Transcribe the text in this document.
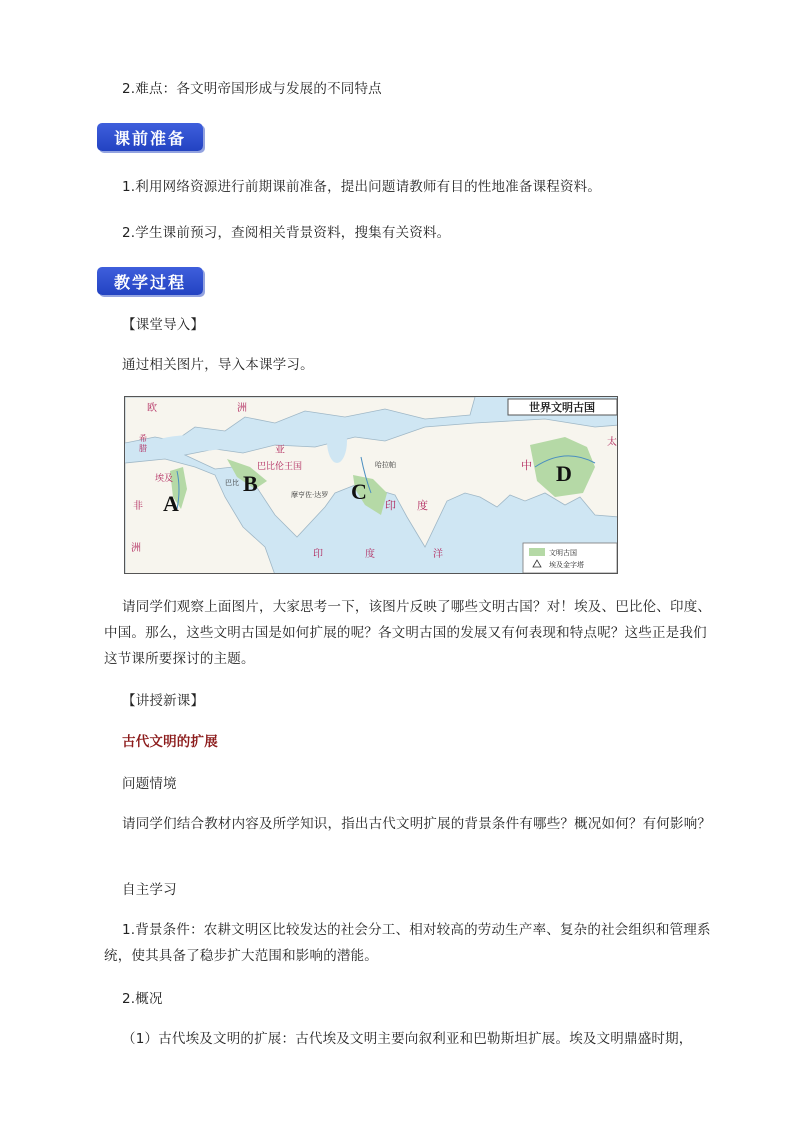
2.难点：各文明帝国形成与发展的不同特点

课前准备

1.利用网络资源进行前期课前准备，提出问题请教师有目的性地准备课程资料。

2.学生课前预习，查阅相关背景资料，搜集有关资料。

教学过程

【课堂导入】

通过相关图片，导入本课学习。

世界文明古国
欧	洲
亚
希
腊
巴比伦王国
巴比
摩亨佐·达罗
哈拉帕
埃及
非
洲
印 度
中
印	度	洋
太
A
B	C
D
文明古国
埃及金字塔

请同学们观察上面图片，大家思考一下，该图片反映了哪些文明古国？对！埃及、巴比伦、印度、中国。那么，这些文明古国是如何扩展的呢？各文明古国的发展又有何表现和特点呢？这些正是我们这节课所要探讨的主题。

【讲授新课】

古代文明的扩展

问题情境

请同学们结合教材内容及所学知识，指出古代文明扩展的背景条件有哪些？概况如何？有何影响？

自主学习

1.背景条件：农耕文明区比较发达的社会分工、相对较高的劳动生产率、复杂的社会组织和管理系统，使其具备了稳步扩大范围和影响的潜能。

2.概况

（1）古代埃及文明的扩展：古代埃及文明主要向叙利亚和巴勒斯坦扩展。埃及文明鼎盛时期，
